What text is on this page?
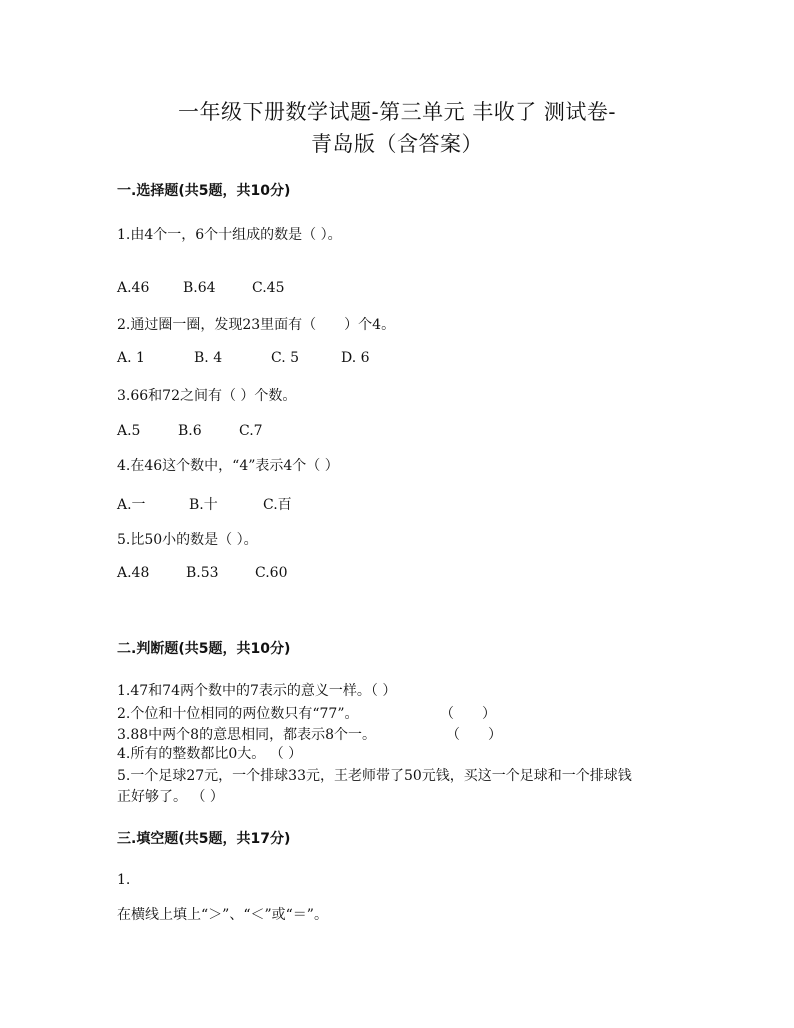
一年级下册数学试题-第三单元 丰收了 测试卷-
青岛版（含答案）
一.选择题(共5题，共10分)
1.由4个一，6个十组成的数是（ ）。
A.46 B.64	C.45
2.通过圈一圈，发现23里面有（　　）个4。
A. 1	B. 4	C. 5	D. 6
3.66和72之间有（ ）个数。
A.5	B.6	C.7
4.在46这个数中，“4”表示4个（ ）
A.一	B.十	C.百
5.比50小的数是（ ）。
A.48	B.53	C.60
二.判断题(共5题，共10分)
1.47和74两个数中的7表示的意义一样。（ ）
2.个位和十位相同的两位数只有“77”。	（　　）
3.88中两个8的意思相同，都表示8个一。	（　　）
4.所有的整数都比0大。 （ ）
5.一个足球27元，一个排球33元，王老师带了50元钱，买这一个足球和一个排球钱
正好够了。 （ ）
三.填空题(共5题，共17分)
1.
在横线上填上“＞”、“＜”或“＝”。
